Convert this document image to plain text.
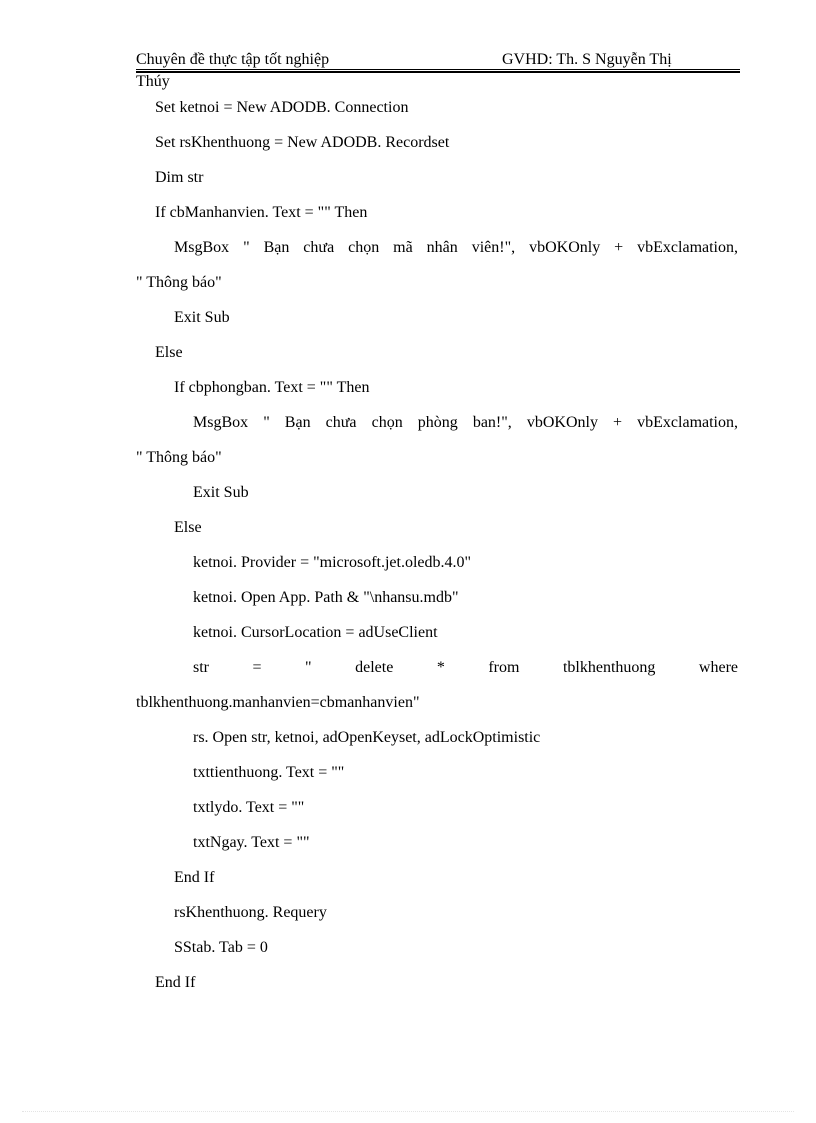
Chuyên đề thực tập tốt nghiệp	GVHD: Th. S Nguyễn Thị
Thúy
Set ketnoi = New ADODB. Connection
Set rsKhenthuong = New ADODB. Recordset
Dim str
If cbManhanvien. Text = "" Then
MsgBox " Bạn chưa chọn mã nhân viên!", vbOKOnly + vbExclamation,
" Thông báo"
Exit Sub
Else
If cbphongban. Text = "" Then
MsgBox " Bạn chưa chọn phòng ban!", vbOKOnly + vbExclamation,
" Thông báo"
Exit Sub
Else
ketnoi. Provider = "microsoft.jet.oledb.4.0"
ketnoi. Open App. Path & "\nhansu.mdb"
ketnoi. CursorLocation = adUseClient
str = " delete * from tblkhenthuong where
tblkhenthuong.manhanvien=cbmanhanvien"
rs. Open str, ketnoi, adOpenKeyset, adLockOptimistic
txttienthuong. Text = ""
txtlydo. Text = ""
txtNgay. Text = ""
End If
rsKhenthuong. Requery
SStab. Tab = 0
End If
